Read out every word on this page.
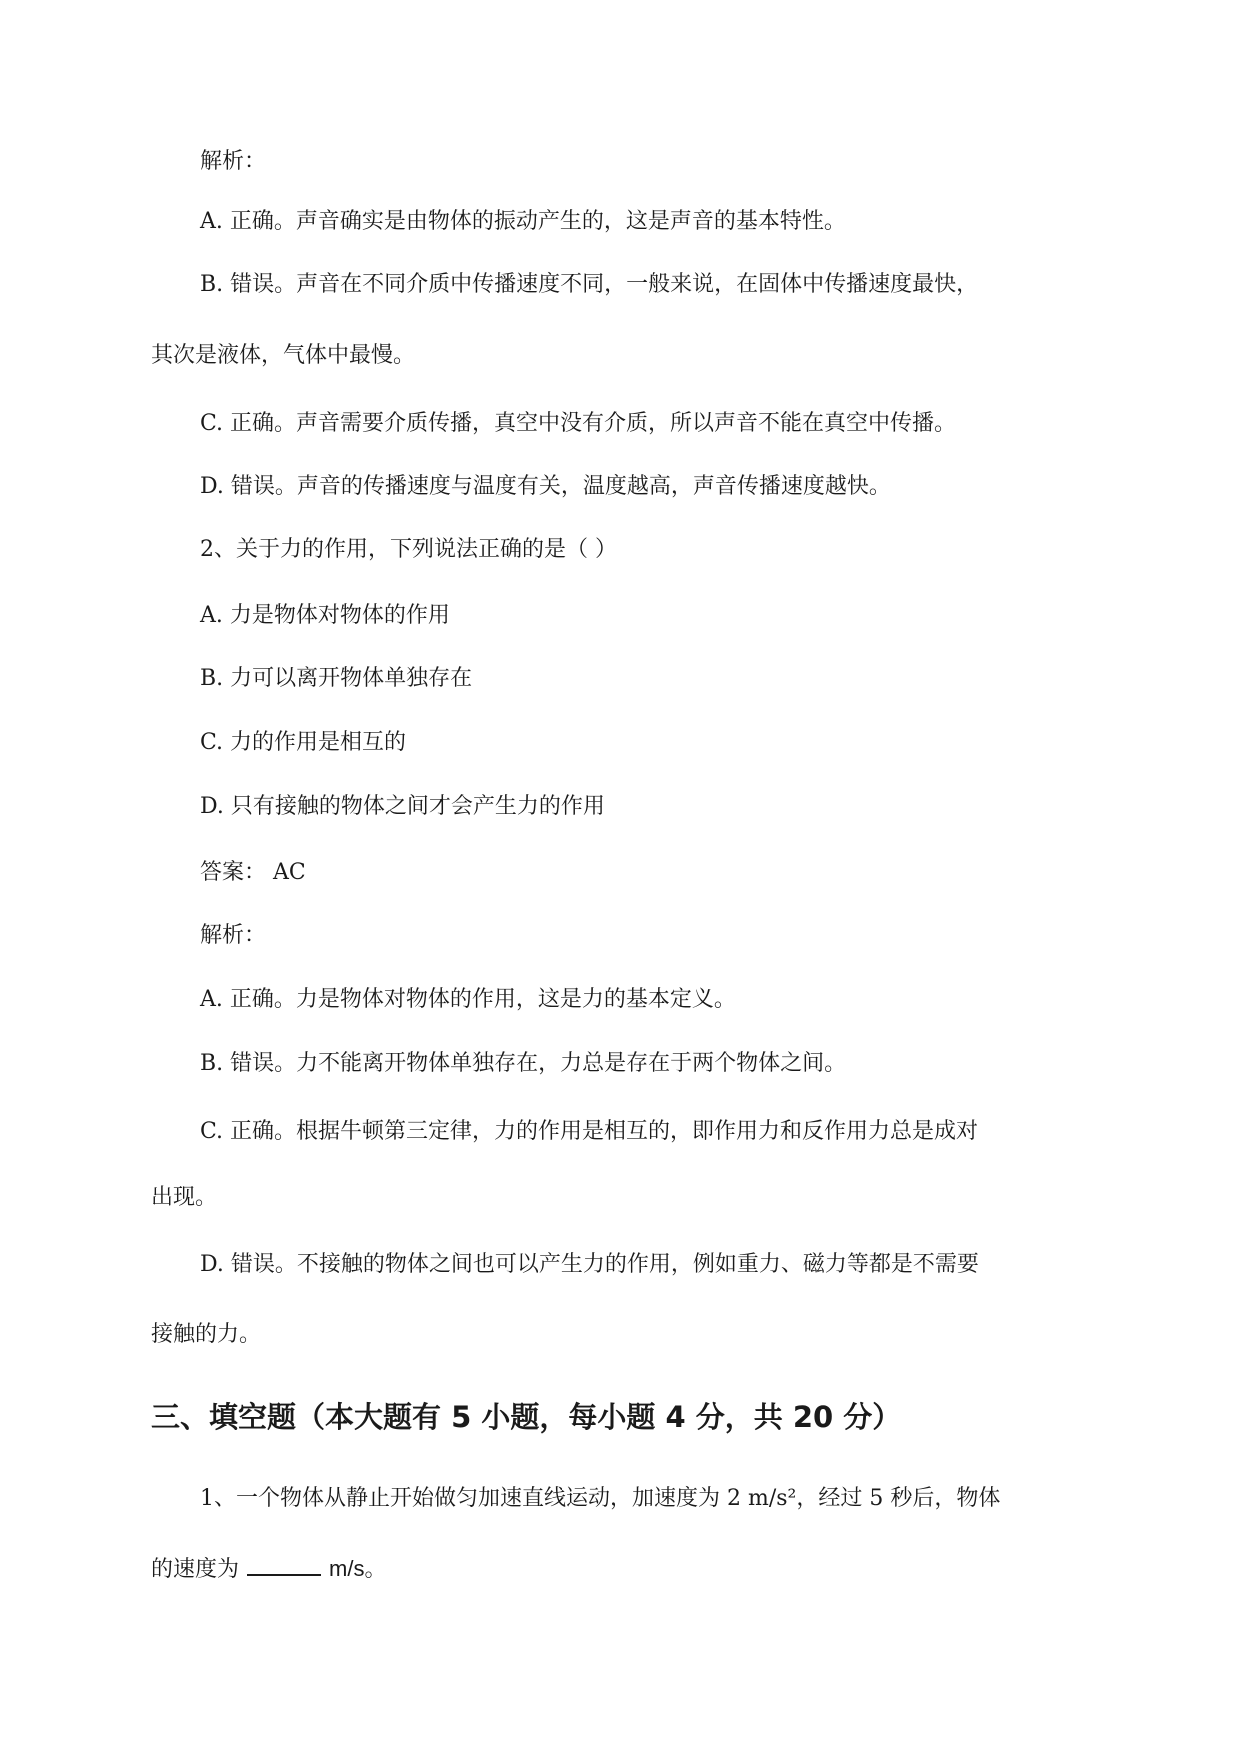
解析：
A. 正确。声音确实是由物体的振动产生的，这是声音的基本特性。
B. 错误。声音在不同介质中传播速度不同，一般来说，在固体中传播速度最快，
其次是液体，气体中最慢。
C. 正确。声音需要介质传播，真空中没有介质，所以声音不能在真空中传播。
D. 错误。声音的传播速度与温度有关，温度越高，声音传播速度越快。
2、关于力的作用，下列说法正确的是（ ）
A. 力是物体对物体的作用
B. 力可以离开物体单独存在
C. 力的作用是相互的
D. 只有接触的物体之间才会产生力的作用
答案： AC
解析：
A. 正确。力是物体对物体的作用，这是力的基本定义。
B. 错误。力不能离开物体单独存在，力总是存在于两个物体之间。
C. 正确。根据牛顿第三定律，力的作用是相互的，即作用力和反作用力总是成对
出现。
D. 错误。不接触的物体之间也可以产生力的作用，例如重力、磁力等都是不需要
接触的力。
三、填空题（本大题有 5 小题，每小题 4 分，共 20 分）
1、一个物体从静止开始做匀加速直线运动，加速度为 2 m/s²，经过 5 秒后，物体
的速度为	m/s。
